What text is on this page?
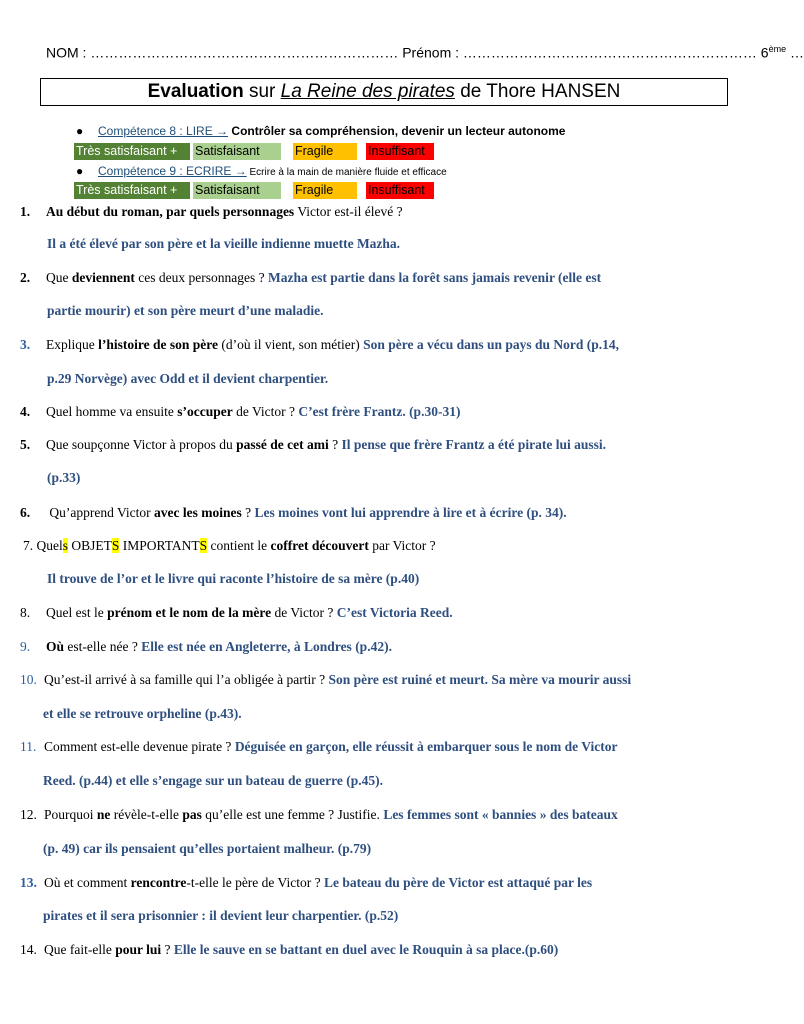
NOM : ………………………………………………………… Prénom : ……………………………………………………… 6ème …
Evaluation sur La Reine des pirates de Thore HANSEN
● Compétence 8 : LIRE → Contrôler sa compréhension, devenir un lecteur autonome
Très satisfaisant +	Satisfaisant	Fragile	Insuffisant
● Compétence 9 : ECRIRE → Ecrire à la main de manière fluide et efficace
Très satisfaisant +	Satisfaisant	Fragile	Insuffisant
1. Au début du roman, par quels personnages Victor est-il élevé ?
Il a été élevé par son père et la vieille indienne muette Mazha.
2. Que deviennent ces deux personnages ? Mazha est partie dans la forêt sans jamais revenir (elle est
partie mourir) et son père meurt d’une maladie.
3. Explique l’histoire de son père (d’où il vient, son métier) Son père a vécu dans un pays du Nord (p.14,
p.29 Norvège) avec Odd et il devient charpentier.
4. Quel homme va ensuite s’occuper de Victor ? C’est frère Frantz. (p.30-31)
5. Que soupçonne Victor à propos du passé de cet ami ? Il pense que frère Frantz a été pirate lui aussi.
(p.33)
6. Qu’apprend Victor avec les moines ? Les moines vont lui apprendre à lire et à écrire (p. 34).
7. Quels OBJETS IMPORTANTS contient le coffret découvert par Victor ?
Il trouve de l’or et le livre qui raconte l’histoire de sa mère (p.40)
8. Quel est le prénom et le nom de la mère de Victor ? C’est Victoria Reed.
9. Où est-elle née ? Elle est née en Angleterre, à Londres (p.42).
10. Qu’est-il arrivé à sa famille qui l’a obligée à partir ? Son père est ruiné et meurt. Sa mère va mourir aussi
et elle se retrouve orpheline (p.43).
11. Comment est-elle devenue pirate ? Déguisée en garçon, elle réussit à embarquer sous le nom de Victor
Reed. (p.44) et elle s’engage sur un bateau de guerre (p.45).
12. Pourquoi ne révèle-t-elle pas qu’elle est une femme ? Justifie. Les femmes sont « bannies » des bateaux
(p. 49) car ils pensaient qu’elles portaient malheur. (p.79)
13. Où et comment rencontre-t-elle le père de Victor ? Le bateau du père de Victor est attaqué par les
pirates et il sera prisonnier : il devient leur charpentier. (p.52)
14. Que fait-elle pour lui ? Elle le sauve en se battant en duel avec le Rouquin à sa place.(p.60)
